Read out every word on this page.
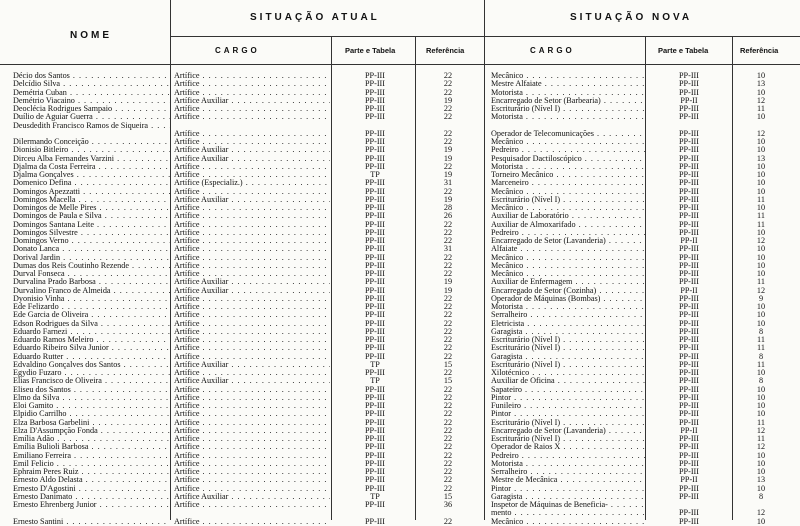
NOME
SITUAÇÃO ATUAL	SITUAÇÃO NOVA
CARGO	Parte e Tabela	Referência	CARGO	Parte e Tabela	Referência
Décio dos Santos . . .	Artífice . . .	PP-III	22	Mecânico . . .	PP-III	10
Delcídio Silva . . .	Artífice . . .	PP-III	22	Mestre Alfaiate . . .	PP-III	13
Demétria Cuban . . .	Artífice . . .	PP-III	22	Motorista . . .	PP-III	10
Demétrio Viacaino . . .	Artífice Auxiliar . . .	PP-III	19	Encarregado de Setor (Barbearia) . . .	PP-II	12
Deoclécia Rodrigues Sampaio . . .	Artífice . . .	PP-III	22	Escriturário (Nível I) . . .	PP-III	11
Duílio de Aguiar Guerra . . .	Artífice . . .	PP-III	22	Motorista . . .	PP-III	10
Deusdedith Francisco Ramos de Siqueira . . .
Artífice . . .	PP-III	22	Operador de Telecomunicações . . .	PP-III	12
Dilermando Conceição . . .	Artífice . . .	PP-III	22	Mecânico . . .	PP-III	10
Dionisio Bitleiro . . .	Artífice Auxiliar . . .	PP-III	19	Pedreiro . . .	PP-III	10
Dirceu Alba Fernandes Varzini . . .	Artífice Auxiliar . . .	PP-III	19	Pesquisador Dactiloscópico . . .	PP-III	13
Djalma da Costa Ferreira . . .	Artífice . . .	PP-III	22	Motorista . . .	PP-III	10
Djalma Gonçalves . . .	Artífice . . .	TP	19	Torneiro Mecânico . . .	PP-III	10
Domenico Defina . . .	Artífice (Especializ.) . . .	PP-III	31	Marceneiro . . .	PP-III	10
Domingos Apezzatti . . .	Artífice . . .	PP-III	22	Mecânico . . .	PP-III	10
Domingos Macella . . .	Artífice Auxiliar . . .	PP-III	19	Escriturário (Nível I) . . .	PP-III	11
Domingos de Melle Pires . . .	Artífice . . .	PP-III	28	Mecânico . . .	PP-III	10
Domingos de Paula e Silva . . .	Artífice . . .	PP-III	26	Auxiliar de Laboratório . . .	PP-III	11
Domingos Santana Leite . . .	Artífice . . .	PP-III	22	Auxiliar de Almoxarifado . . .	PP-III	11
Domingos Silvestre . . .	Artífice . . .	PP-III	22	Pedreiro . . .	PP-III	10
Domingos Verno . . .	Artífice . . .	PP-III	22	Encarregado de Setor (Lavanderia) . . .	PP-II	12
Donato Lanca . . .	Artífice . . .	PP-III	31	Alfaiate . . .	PP-III	10
Dorival Jardin . . .	Artífice . . .	PP-III	22	Mecânico . . .	PP-III	10
Dumas dos Reis Coutinho Rezende . . .	Artífice . . .	PP-III	22	Mecânico . . .	PP-III	10
Durval Fonseca . . .	Artífice . . .	PP-III	22	Mecânico . . .	PP-III	10
Durvalina Prado Barbosa . . .	Artífice Auxiliar . . .	PP-III	19	Auxiliar de Enfermagem . . .	PP-III	11
Durvalino Franco de Almeida . . .	Artífice Auxiliar . . .	PP-III	19	Encarregado de Setor (Cozinha) . . .	PP-II	12
Dyonisio Vinha . . .	Artífice . . .	PP-III	22	Operador de Máquinas (Bombas) . . .	PP-III	9
Ede Felizardo . . .	Artífice . . .	PP-III	22	Motorista . . .	PP-III	10
Ede Garcia de Oliveira . . .	Artífice . . .	PP-III	22	Serralheiro . . .	PP-III	10
Edson Rodrigues da Silva . . .	Artífice . . .	PP-III	22	Eletricista . . .	PP-III	10
Eduardo Farnezi . . .	Artífice . . .	PP-III	22	Garagista . . .	PP-III	8
Eduardo Ramos Meleiro . . .	Artífice . . .	PP-III	22	Escriturário (Nível I) . . .	PP-III	11
Eduardo Ribeiro Silva Junior . . .	Artífice . . .	PP-III	22	Escriturário (Nível I) . . .	PP-III	11
Eduardo Rutter . . .	Artífice . . .	PP-III	22	Garagista . . .	PP-III	8
Edvaldino Gonçalves dos Santos . . .	Artífice Auxiliar . . .	TP	15	Escriturário (Nível I) . . .	PP-III	11
Egydio Fuzaro . . .	Artífice . . .	PP-III	22	Xilotécnico . . .	PP-III	10
Elias Francisco de Oliveira . . .	Artífice Auxiliar . . .	TP	15	Auxiliar de Oficina . . .	PP-III	8
Eliseu dos Santos . . .	Artífice . . .	PP-III	22	Sapateiro . . .	PP-III	10
Elmo da Silva . . .	Artífice . . .	PP-III	22	Pintor . . .	PP-III	10
Eloi Gamito . . .	Artífice . . .	PP-III	22	Funileiro . . .	PP-III	10
Elpidio Carrilho . . .	Artífice . . .	PP-III	22	Pintor . . .	PP-III	10
Elza Barbosa Garbelini . . .	Artífice . . .	PP-III	22	Escriturário (Nível I) . . .	PP-III	11
Elza D'Assumpção Fonda . . .	Artífice . . .	PP-III	22	Encarregado de Setor (Lavanderia) . . .	PP-II	12
Emília Adão . . .	Artífice . . .	PP-III	22	Escriturário (Nível I) . . .	PP-III	11
Emília Bulioli Barbosa . . .	Artífice . . .	PP-III	22	Operador de Raios X . . .	PP-III	12
Emiliano Ferreira . . .	Artífice . . .	PP-III	22	Pedreiro . . .	PP-III	10
Emil Felicio . . .	Artífice . . .	PP-III	22	Motorista . . .	PP-III	10
Ephraim Peres Ruiz . . .	Artífice . . .	PP-III	22	Serralheiro . . .	PP-III	10
Ernesto Aldo Delasta . . .	Artífice . . .	PP-III	22	Mestre de Mecânica . . .	PP-II	13
Ernesto D'Agostini . . .	Artífice . . .	PP-III	22	Pintor . . .	PP-III	10
Ernesto Danimato . . .	Artífice Auxiliar . . .	TP	15	Garagista . . .	PP-III	8
Ernesto Ehrenberg Junior . . .	Artífice . . .	PP-III	36	Inspetor de Máquinas de Beneficia- . . .
mento . . .	PP-III	12
Ernesto Santini . . .	Artífice . . .	PP-III	22	Mecânico . . .	PP-III	10
